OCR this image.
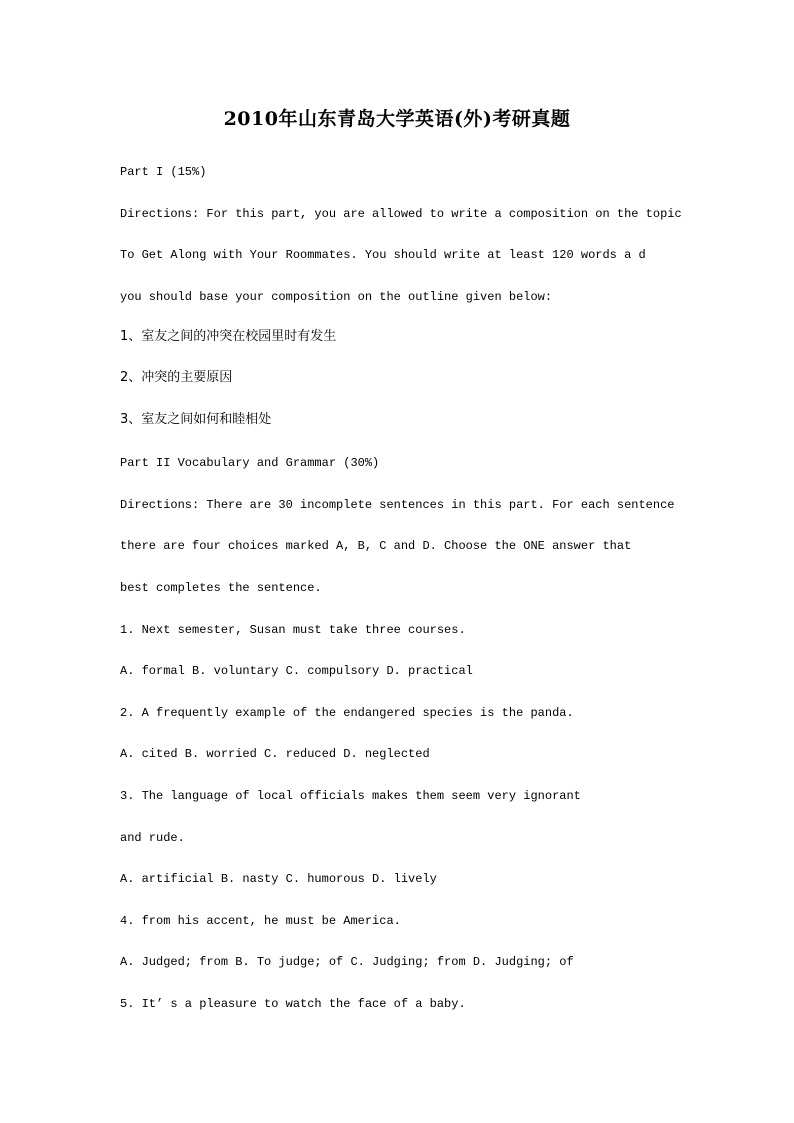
2010年山东青岛大学英语(外)考研真题
Part I (15%)
Directions: For this part, you are allowed to write a composition on the topic
To Get Along with Your Roommates. You should write at least 120 words a d
you should base your composition on the outline given below:
1、室友之间的冲突在校园里时有发生
2、冲突的主要原因
3、室友之间如何和睦相处
Part II Vocabulary and Grammar (30%)
Directions: There are 30 incomplete sentences in this part. For each sentence
there are four choices marked A, B, C and D. Choose the ONE answer that
best completes the sentence.
1. Next semester, Susan must take three courses.
A. formal B. voluntary C. compulsory D. practical
2. A frequently example of the endangered species is the panda.
A. cited B. worried C. reduced D. neglected
3. The language of local officials makes them seem very ignorant
and rude.
A. artificial B. nasty C. humorous D. lively
4. from his accent, he must be America.
A. Judged; from B. To judge; of C. Judging; from D. Judging; of
5. It’ s a pleasure to watch the face of a baby.
